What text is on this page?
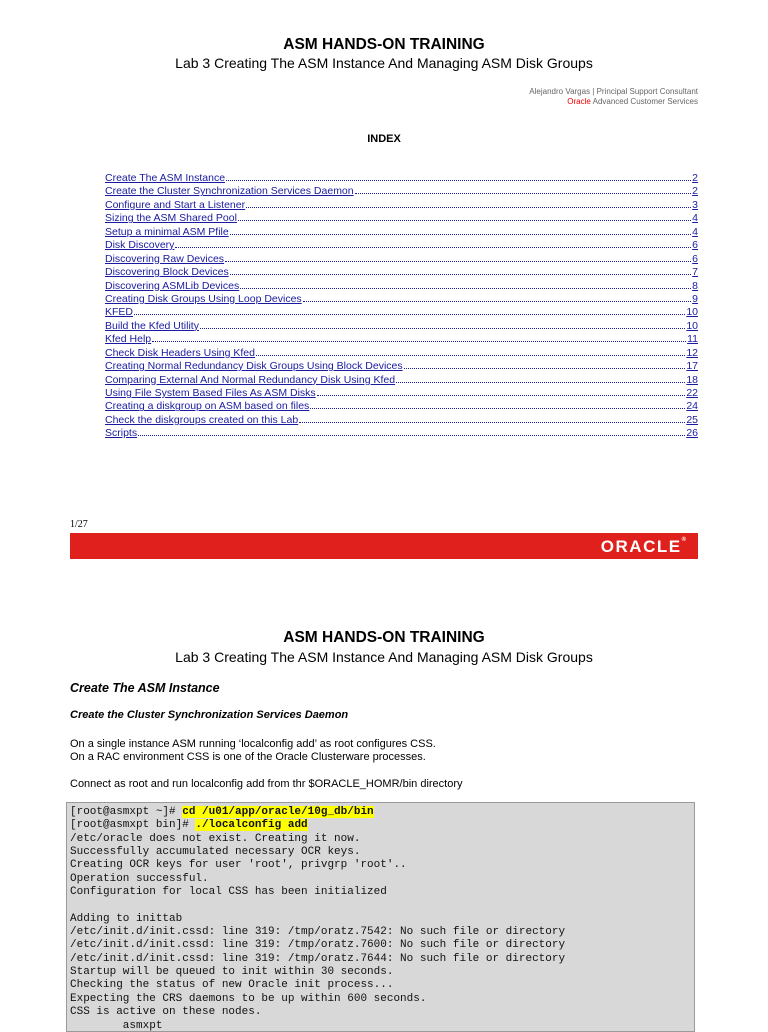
ASM HANDS-ON TRAINING
Lab 3 Creating The ASM Instance And Managing ASM Disk Groups
Alejandro Vargas | Principal Support Consultant
Oracle Advanced Customer Services
INDEX
Create The ASM Instance	2
Create the Cluster Synchronization Services Daemon	2
Configure and Start a Listener	3
Sizing the ASM Shared Pool	4
Setup a minimal ASM Pfile	4
Disk Discovery	6
Discovering Raw Devices	6
Discovering Block Devices	7
Discovering ASMLib Devices	8
Creating Disk Groups Using Loop Devices	9
KFED	10
Build the Kfed Utility	10
Kfed Help	11
Check Disk Headers Using Kfed	12
Creating Normal Redundancy Disk Groups Using Block Devices	17
Comparing External And Normal Redundancy Disk Using Kfed	18
Using File System Based Files As ASM Disks	22
Creating a diskgroup on ASM based on files	24
Check the diskgroups created on this Lab	25
Scripts	26
1/27
ORACLE®
ASM HANDS-ON TRAINING
Lab 3 Creating The ASM Instance And Managing ASM Disk Groups
Create The ASM Instance
Create the Cluster Synchronization Services Daemon
On a single instance ASM running ‘localconfig add’ as root configures CSS.
On a RAC environment CSS is one of the Oracle Clusterware processes.
Connect as root and run localconfig add from thr $ORACLE_HOMR/bin directory
[root@asmxpt ~]# cd /u01/app/oracle/10g_db/bin
[root@asmxpt bin]# ./localconfig add
/etc/oracle does not exist. Creating it now.
Successfully accumulated necessary OCR keys.
Creating OCR keys for user 'root', privgrp 'root'..
Operation successful.
Configuration for local CSS has been initialized
Adding to inittab
/etc/init.d/init.cssd: line 319: /tmp/oratz.7542: No such file or directory
/etc/init.d/init.cssd: line 319: /tmp/oratz.7600: No such file or directory
/etc/init.d/init.cssd: line 319: /tmp/oratz.7644: No such file or directory
Startup will be queued to init within 30 seconds.
Checking the status of new Oracle init process...
Expecting the CRS daemons to be up within 600 seconds.
CSS is active on these nodes.
asmxpt
